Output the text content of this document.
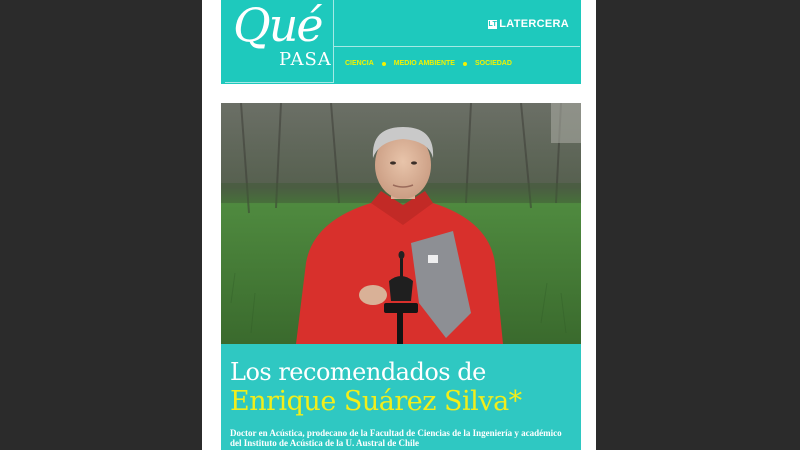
Qué
PASA
LT LATERCERA
CIENCIA	MEDIO AMBIENTE	SOCIEDAD
Los recomendados de
Enrique Suárez Silva*
Doctor en Acústica, prodecano de la Facultad de Ciencias de la Ingeniería y académico del Instituto de Acústica de la U. Austral de Chile
